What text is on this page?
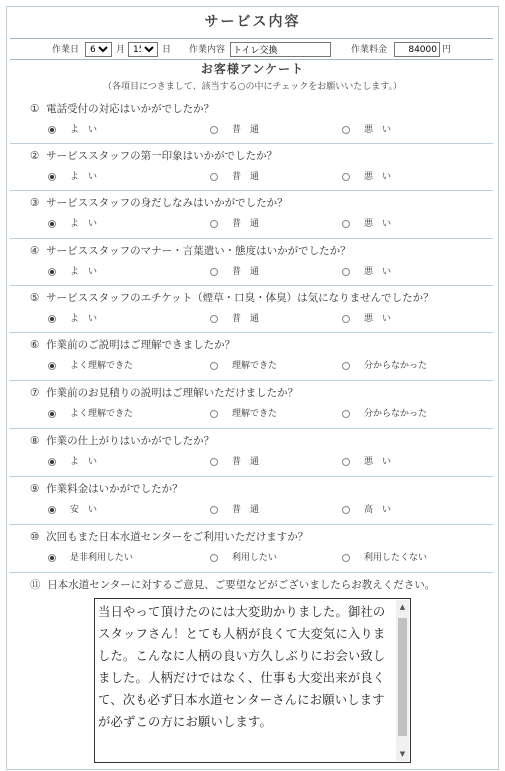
サービス内容
作業日
6	月
15	日 作業内容
トイレ交換	作業料金
84000	円
お客様アンケート
（各項目につきまして、該当する○の中にチェックをお願いいたします。）
① 電話受付の対応はいかがでしたか？
よ　い	普　通	悪　い
② サービススタッフの第一印象はいかがでしたか？
よ　い	普　通	悪　い
③ サービススタッフの身だしなみはいかがでしたか？
よ　い	普　通	悪　い
④ サービススタッフのマナー・言葉遣い・態度はいかがでしたか？
よ　い	普　通	悪　い
⑤ サービススタッフのエチケット（煙草・口臭・体臭）は気になりませんでしたか？
よ　い	普　通	悪　い
⑥ 作業前のご説明はご理解できましたか？
よく理解できた	理解できた	分からなかった
⑦ 作業前のお見積りの説明はご理解いただけましたか？
よく理解できた	理解できた	分からなかった
⑧ 作業の仕上がりはいかがでしたか？
よ　い	普　通	悪　い
⑨ 作業料金はいかがでしたか？
安　い	普　通	高　い
⑩ 次回もまた日本水道センターをご利用いただけますか？
是非利用したい	利用したい	利用したくない
⑪ 日本水道センターに対するご意見、ご要望などがございましたらお教えください。
当日やって頂けたのには大変助かりました。御社のスタッフさん！とても人柄が良くて大変気に入りました。こんなに人柄の良い方久しぶりにお会い致しました。人柄だけではなく、仕事も大変出来が良くて、次も必ず日本水道センターさんにお願いしますが必ずこの方にお願いします。
▲
▼
